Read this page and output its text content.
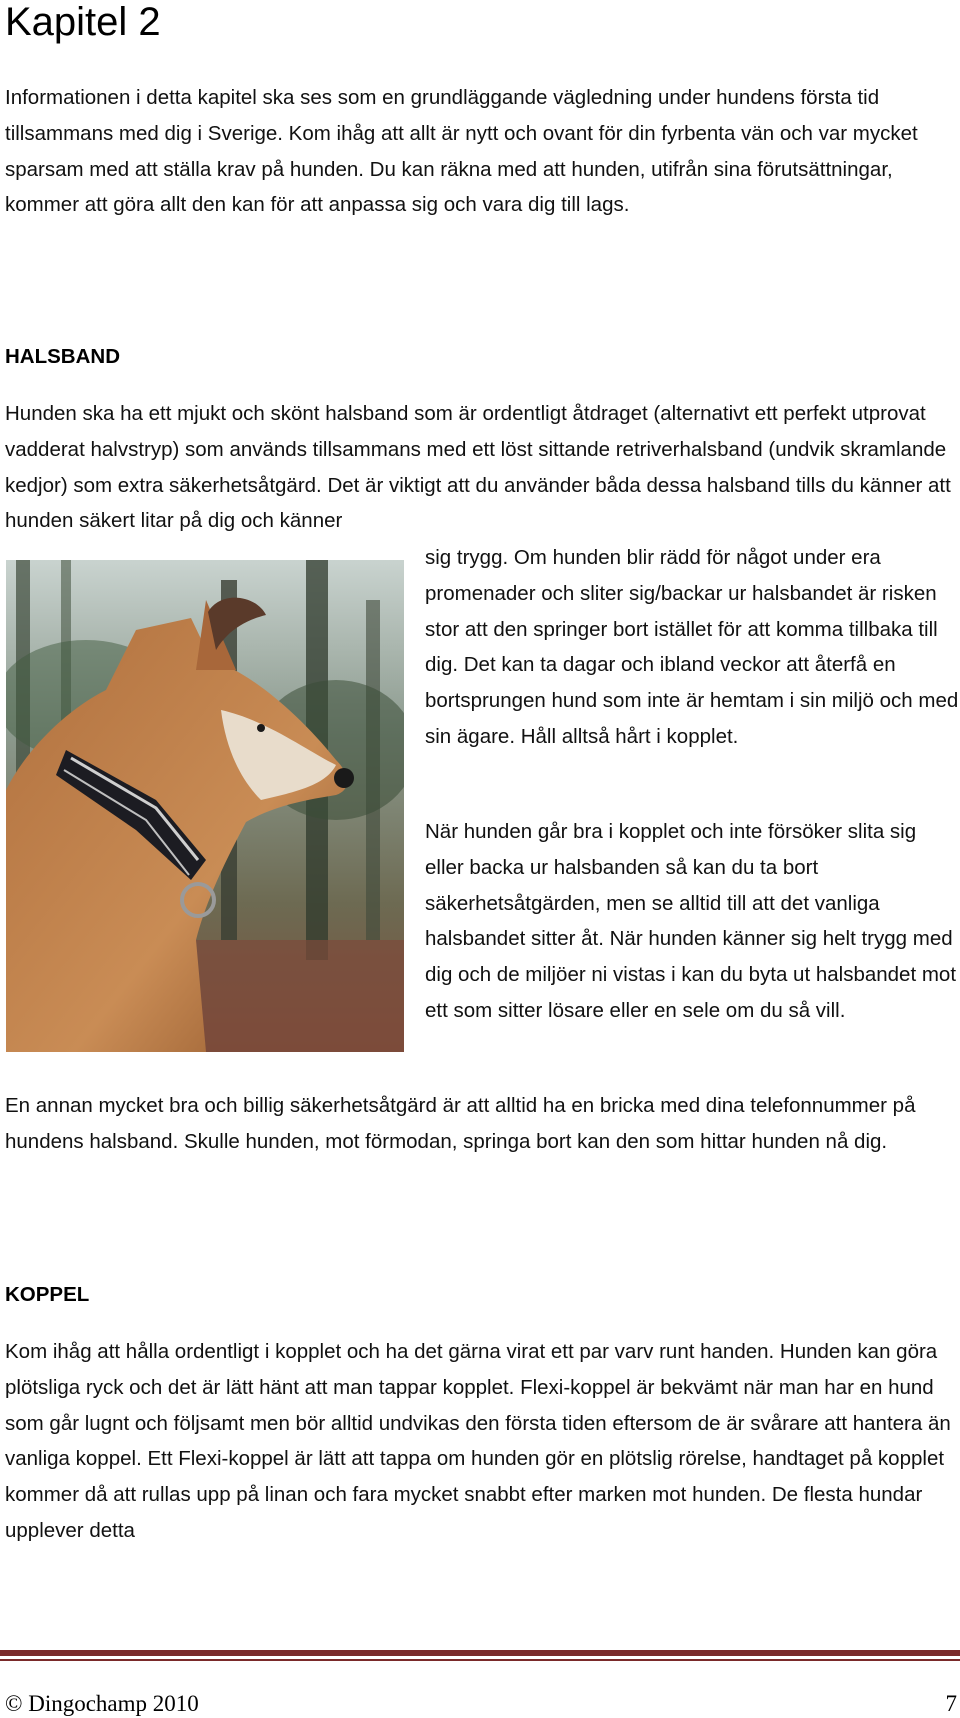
Kapitel 2

Informationen i detta kapitel ska ses som en grundläggande vägledning under hundens första tid tillsammans med dig i Sverige. Kom ihåg att allt är nytt och ovant för din fyrbenta vän och var mycket sparsam med att ställa krav på hunden. Du kan räkna med att hunden, utifrån sina förutsättningar, kommer att göra allt den kan för att anpassa sig och vara dig till lags.

HALSBAND

Hunden ska ha ett mjukt och skönt halsband som är ordentligt åtdraget (alternativt ett perfekt utprovat vadderat halvstryp) som används tillsammans med ett löst sittande retriverhalsband (undvik skramlande kedjor) som extra säkerhetsåtgärd. Det är viktigt att du använder båda dessa halsband tills du känner att hunden säkert litar på dig och känner

sig trygg. Om hunden blir rädd för något under era promenader och sliter sig/backar ur halsbandet är risken stor att den springer bort istället för att komma tillbaka till dig. Det kan ta dagar och ibland veckor att återfå en bortsprungen hund som inte är hemtam i sin miljö och med sin ägare. Håll alltså hårt i kopplet.

När hunden går bra i kopplet och inte försöker slita sig eller backa ur halsbanden så kan du ta bort säkerhetsåtgärden, men se alltid till att det vanliga halsbandet sitter åt. När hunden känner sig helt trygg med dig och de miljöer ni vistas i kan du byta ut halsbandet mot ett som sitter lösare eller en sele om du så vill.

En annan mycket bra och billig säkerhetsåtgärd är att alltid ha en bricka med dina telefonnummer på hundens halsband. Skulle hunden, mot förmodan, springa bort kan den som hittar hunden nå dig.

KOPPEL

Kom ihåg att hålla ordentligt i kopplet och ha det gärna virat ett par varv runt handen. Hunden kan göra plötsliga ryck och det är lätt hänt att man tappar kopplet. Flexi-koppel är bekvämt när man har en hund som går lugnt och följsamt men bör alltid undvikas den första tiden eftersom de är svårare att hantera än vanliga koppel. Ett Flexi-koppel är lätt att tappa om hunden gör en plötslig rörelse, handtaget på kopplet kommer då att rullas upp på linan och fara mycket snabbt efter marken mot hunden. De flesta hundar upplever detta

© Dingochamp 2010	7
